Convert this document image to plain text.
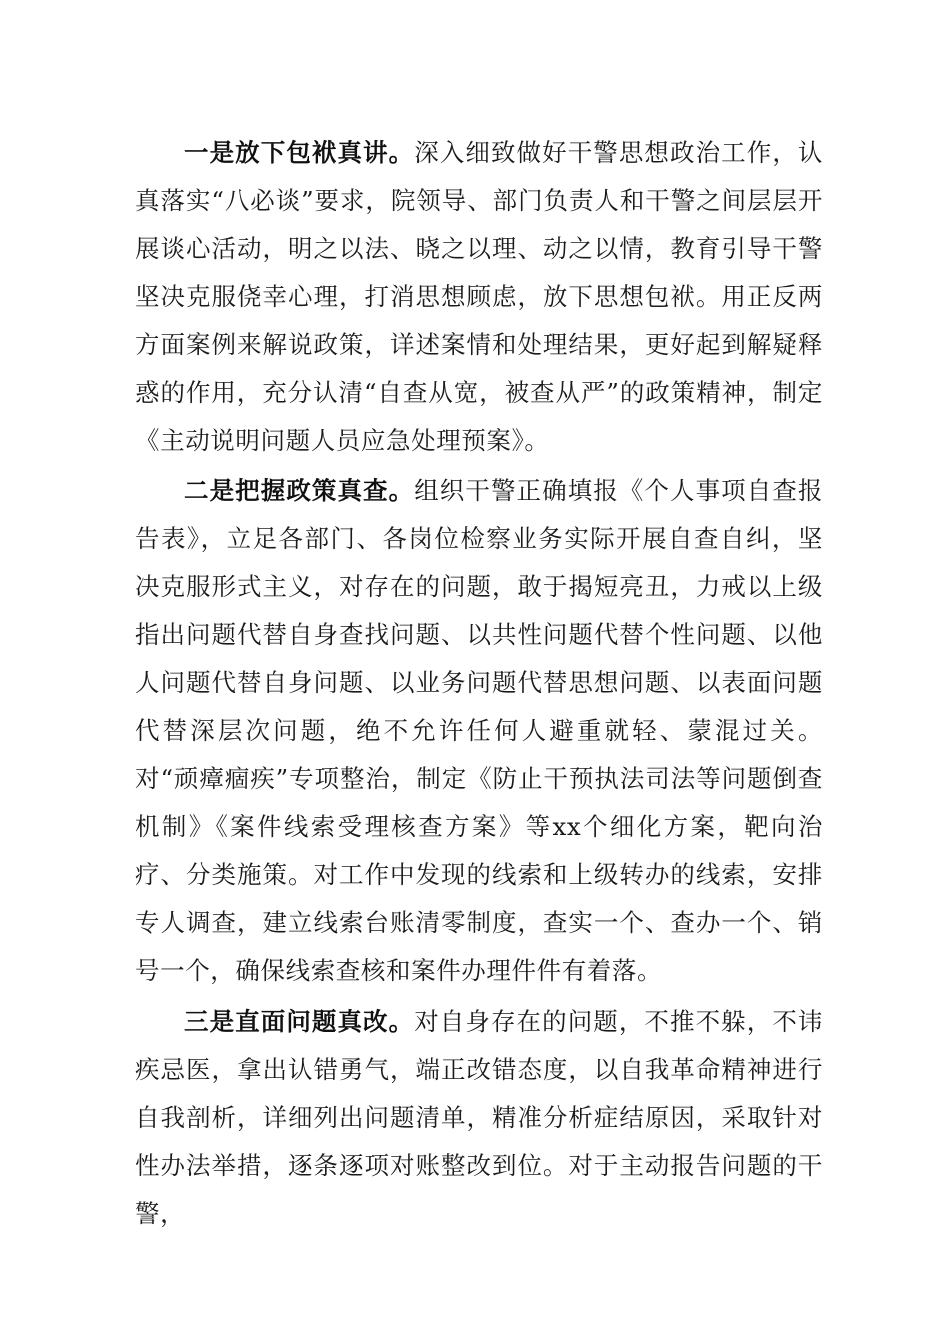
一是放下包袱真讲。深入细致做好干警思想政治工作，认真落实“八必谈”要求，院领导、部门负责人和干警之间层层开展谈心活动，明之以法、晓之以理、动之以情，教育引导干警坚决克服侥幸心理，打消思想顾虑，放下思想包袱。用正反两方面案例来解说政策，详述案情和处理结果，更好起到解疑释惑的作用，充分认清“自查从宽，被查从严”的政策精神，制定《主动说明问题人员应急处理预案》。

二是把握政策真查。组织干警正确填报《个人事项自查报告表》，立足各部门、各岗位检察业务实际开展自查自纠，坚决克服形式主义，对存在的问题，敢于揭短亮丑，力戒以上级指出问题代替自身查找问题、以共性问题代替个性问题、以他人问题代替自身问题、以业务问题代替思想问题、以表面问题代替深层次问题，绝不允许任何人避重就轻、蒙混过关。对“顽瘴痼疾”专项整治，制定《防止干预执法司法等问题倒查机制》《案件线索受理核查方案》等xx个细化方案，靶向治疗、分类施策。对工作中发现的线索和上级转办的线索，安排专人调查，建立线索台账清零制度，查实一个、查办一个、销号一个，确保线索查核和案件办理件件有着落。

三是直面问题真改。对自身存在的问题，不推不躲，不讳疾忌医，拿出认错勇气，端正改错态度，以自我革命精神进行自我剖析，详细列出问题清单，精准分析症结原因，采取针对性办法举措，逐条逐项对账整改到位。对于主动报告问题的干警，
